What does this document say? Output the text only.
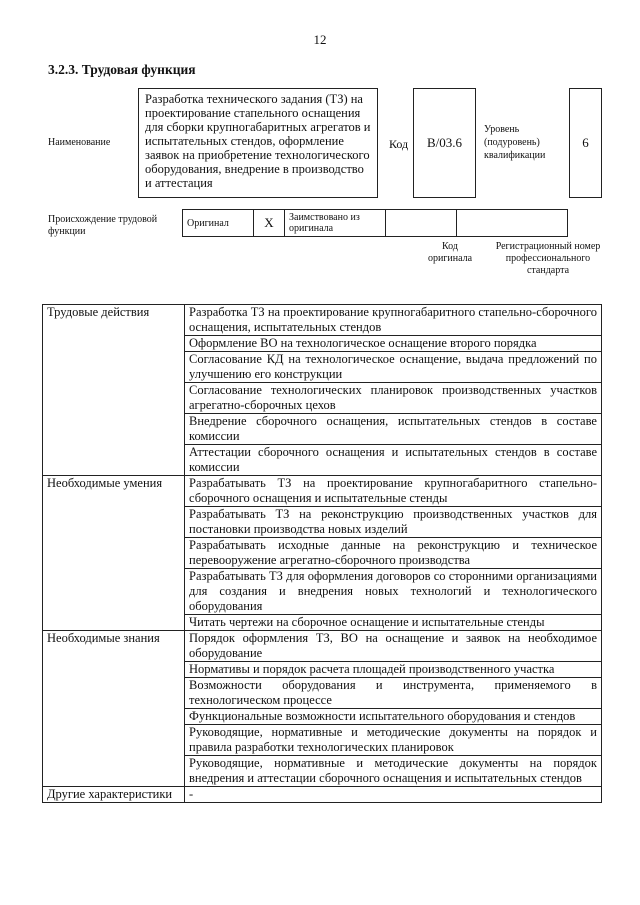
12
3.2.3. Трудовая функция
Наименование
Разработка технического задания (ТЗ) на проектирование стапельного оснащения для сборки крупногабаритных агрегатов и испытательных стендов, оформление заявок на приобретение технологического оборудования, внедрение в производство и аттестация
Код	В/03.6
Уровень (подуровень) квалификации
6
Происхождение трудовой функции
Оригинал	X	Заимствовано из оригинала		
Код оригинала
Регистрационный номер профессионального стандарта
Трудовые действия	Разработка ТЗ на проектирование крупногабаритного стапельно-сборочного оснащения, испытательных стендов
	Оформление ВО на технологическое оснащение второго порядка
	Согласование КД на технологическое оснащение, выдача предложений по улучшению его конструкции
	Согласование технологических планировок производственных участков агрегатно-сборочных цехов
	Внедрение сборочного оснащения, испытательных стендов в составе комиссии
	Аттестации сборочного оснащения и испытательных стендов в составе комиссии
Необходимые умения	Разрабатывать ТЗ на проектирование крупногабаритного стапельно-сборочного оснащения и испытательные стенды
	Разрабатывать ТЗ на реконструкцию производственных участков для постановки производства новых изделий
	Разрабатывать исходные данные на реконструкцию и техническое перевооружение агрегатно-сборочного производства
	Разрабатывать ТЗ для оформления договоров со сторонними организациями для создания и внедрения новых технологий и технологического оборудования
	Читать чертежи на сборочное оснащение и испытательные стенды
Необходимые знания	Порядок оформления ТЗ, ВО на оснащение и заявок на необходимое оборудование
	Нормативы и порядок расчета площадей производственного участка
	Возможности оборудования и инструмента, применяемого в технологическом процессе
	Функциональные возможности испытательного оборудования и стендов
	Руководящие, нормативные и методические документы на порядок и правила разработки технологических планировок
	Руководящие, нормативные и методические документы на порядок внедрения и аттестации сборочного оснащения и испытательных стендов
Другие характеристики	-
